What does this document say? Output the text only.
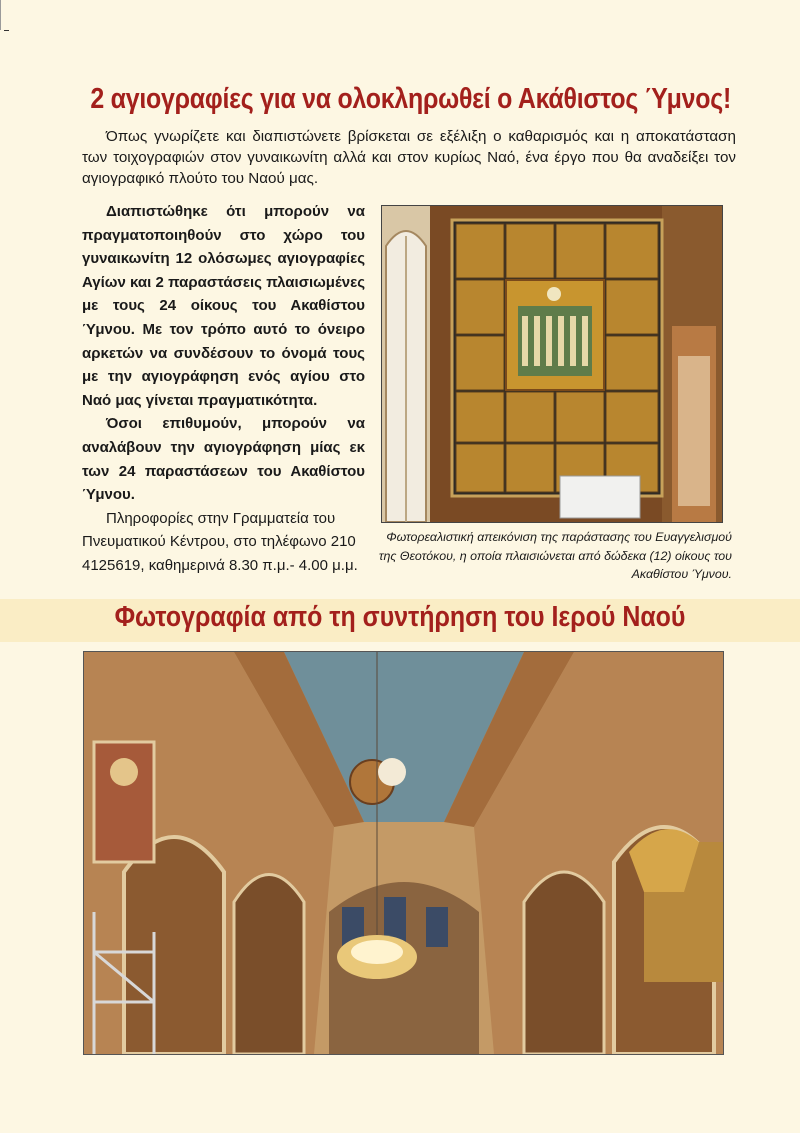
2 αγιογραφίες για να ολοκληρωθεί ο Ακάθιστος Ύμνος!

Όπως γνωρίζετε και διαπιστώνετε βρίσκεται σε εξέλιξη ο καθαρισμός και η αποκατάσταση των τοιχογραφιών στον γυναικωνίτη αλλά και στον κυρίως Ναό, ένα έργο που θα αναδείξει τον αγιογραφικό πλούτο του Ναού μας.

Διαπιστώθηκε ότι μπορούν να πραγματοποιηθούν στο χώρο του γυναικωνίτη 12 ολόσωμες αγιογραφίες Αγίων και 2 παραστάσεις πλαισιωμένες με τους 24 οίκους του Ακαθίστου Ύμνου. Με τον τρόπο αυτό το όνειρο αρκετών να συνδέσουν το όνομά τους με την αγιογράφηση ενός αγίου στο Ναό μας γίνεται πραγματικότητα.

Όσοι επιθυμούν, μπορούν να αναλάβουν την αγιογράφηση μίας εκ των 24 παραστάσεων του Ακαθίστου Ύμνου.

Πληροφορίες στην Γραμματεία του Πνευματικού Κέντρου, στο τηλέφωνο 210 4125619, καθημερινά 8.30 π.μ.- 4.00 μ.μ.

Φωτορεαλιστική απεικόνιση της παράστασης του Ευαγγελισμού της Θεοτόκου, η οποία πλαισιώνεται από δώδεκα (12) οίκους του Ακαθίστου Ύμνου.

Φωτογραφία από τη συντήρηση του Ιερού Ναού
